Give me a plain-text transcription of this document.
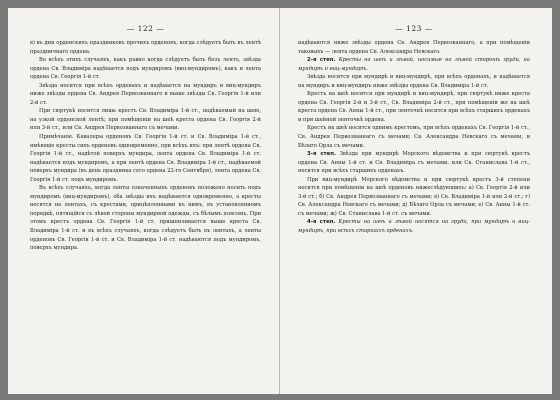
— 122 —

в) въ дни орденскихъ праздниковъ прочихъ орденовъ, когда слѣдуетъ быть въ лентѣ праздничнаго ордена.

Во всѣхъ этихъ случаяхъ, какъ равно когда слѣдуетъ быть безъ лентъ, звѣзда ордена Св. Владиміра надѣвается подъ мундиромъ (виц-мундиромъ), какъ и лента ордена Св. Георгія 1-й ст.

Звѣзда носится при всѣхъ орденахъ и надѣвается на мундиръ и виц-мундиръ ниже звѣзды ордена Св. Андрея Первозваннаго и выше звѣзды Св. Георгія 1-й или 2-й ст.

При сюртукѣ носится лишь крестъ Св. Владиміра 1-й ст., надѣваемый на шею, на узкой орденской лентѣ; при помѣщеніи на шеѣ креста ордена Св. Георгія 2-й или 3-й ст., или Св. Андрея Первозваннаго съ мечами.

Примѣчаніе. Кавалеры орденовъ Св. Георгія 1-й ст. и Св. Владиміра 1-й ст., имѣющіе кресты сихъ орденовъ одновременно, при всѣхъ ихъ: при лентѣ ордена Св. Георгія 1-й ст., надѣтой поверхъ мундира, лента ордена Св. Владиміра 1-й ст. надѣвается подъ мундиромъ, а при лентѣ ордена Св. Владиміра 1-й ст., надѣваемой поверхъ мундира (въ день праздника сего ордена 22-го Сентября), лента ордена Св. Георгія 1-й ст. подъ мундиромъ.

Въ всѣхъ случаяхъ, когда ленты означенныхъ орденовъ положено носить подъ мундиромъ (виц-мундиромъ), оба звѣзды ихъ надѣваются одновременно, а кресты носятся на лентахъ, съ крестами, прицѣпленными къ нимъ, въ установленномъ порядкѣ, пятящійся съ лѣвой стороны мундирной одежды, съ бѣлымъ поясомъ. При этомъ крестъ ордена Св. Георгія 1-й ст. пришпиливается выше креста Св. Владиміра 1-й ст. и въ всѣхъ случаяхъ, когда слѣдуетъ быть въ лентахъ, а ленты орденовъ Св. Георгія 1-й ст. и Св. Владиміра 1-й ст. надѣваются подъ мундиромъ, поверхъ мундира.

— 123 —

надѣваются ниже звѣзды ордена Св. Андрея Первозваннаго, а при помѣщеніи таковыхъ — лента ордена Св. Александра Невскаго.

2-я степ. Кресты на шеѣ и лѣвой, носимые на лѣвой сторонѣ груди, на мундирѣ и виц-мундирѣ.

Звѣзда носится при мундирѣ и виц-мундирѣ, при всѣхъ орденахъ, и надѣвается на мундиръ и виц-мундиръ ниже звѣзды ордена Св. Владиміра 1-й ст.

Крестъ на шеѣ носится при мундирѣ и виц-мундирѣ, при сюртукѣ ниже креста ордена Св. Георгія 2-й и 3-й ст., Св. Владиміра 2-й ст., при помѣщеніи же на шеѣ креста ордена Св. Анны 1-й ст., при ленточкѣ носится при всѣхъ старшихъ орденахъ и при шейной ленточкѣ ордена.

Крестъ на шеѣ носится однимъ крестомъ, при всѣхъ орденахъ Св. Георгія 1-й ст., Св. Андрея Первозваннаго съ мечами; Св. Александра Невскаго съ мечами, и Бѣлаго Орла съ мечами.

3-я степ. Звѣзда при мундирѣ Морского вѣдомства и при сюртукѣ крестъ ордена Св. Анны 1-й ст. и Св. Владиміра съ мечами, или Св. Станислава 1-й ст., носится при всѣхъ старшихъ орденахъ.

При виц-мундирѣ Морского вѣдомства и при сюртукѣ крестъ 3-й степени носится при помѣщеніи на шеѣ орденовъ нижеслѣдующихъ: а) Св. Георгія 2-й или 3-й ст.; б) Св. Андрея Первозваннаго съ мечами; в) Св. Владиміра 1-й или 2-й ст.; г) Св. Александра Невскаго съ мечами; д) Бѣлаго Орла съ мечами; е) Св. Анны 1-й ст. съ мечами; ж) Св. Станислава 1-й ст. съ мечами.

4-я степ. Кресты на шеѣ и лѣвой носятся на груди, при мундирѣ и виц-мундирѣ, при всѣхъ старшихъ орденахъ.
